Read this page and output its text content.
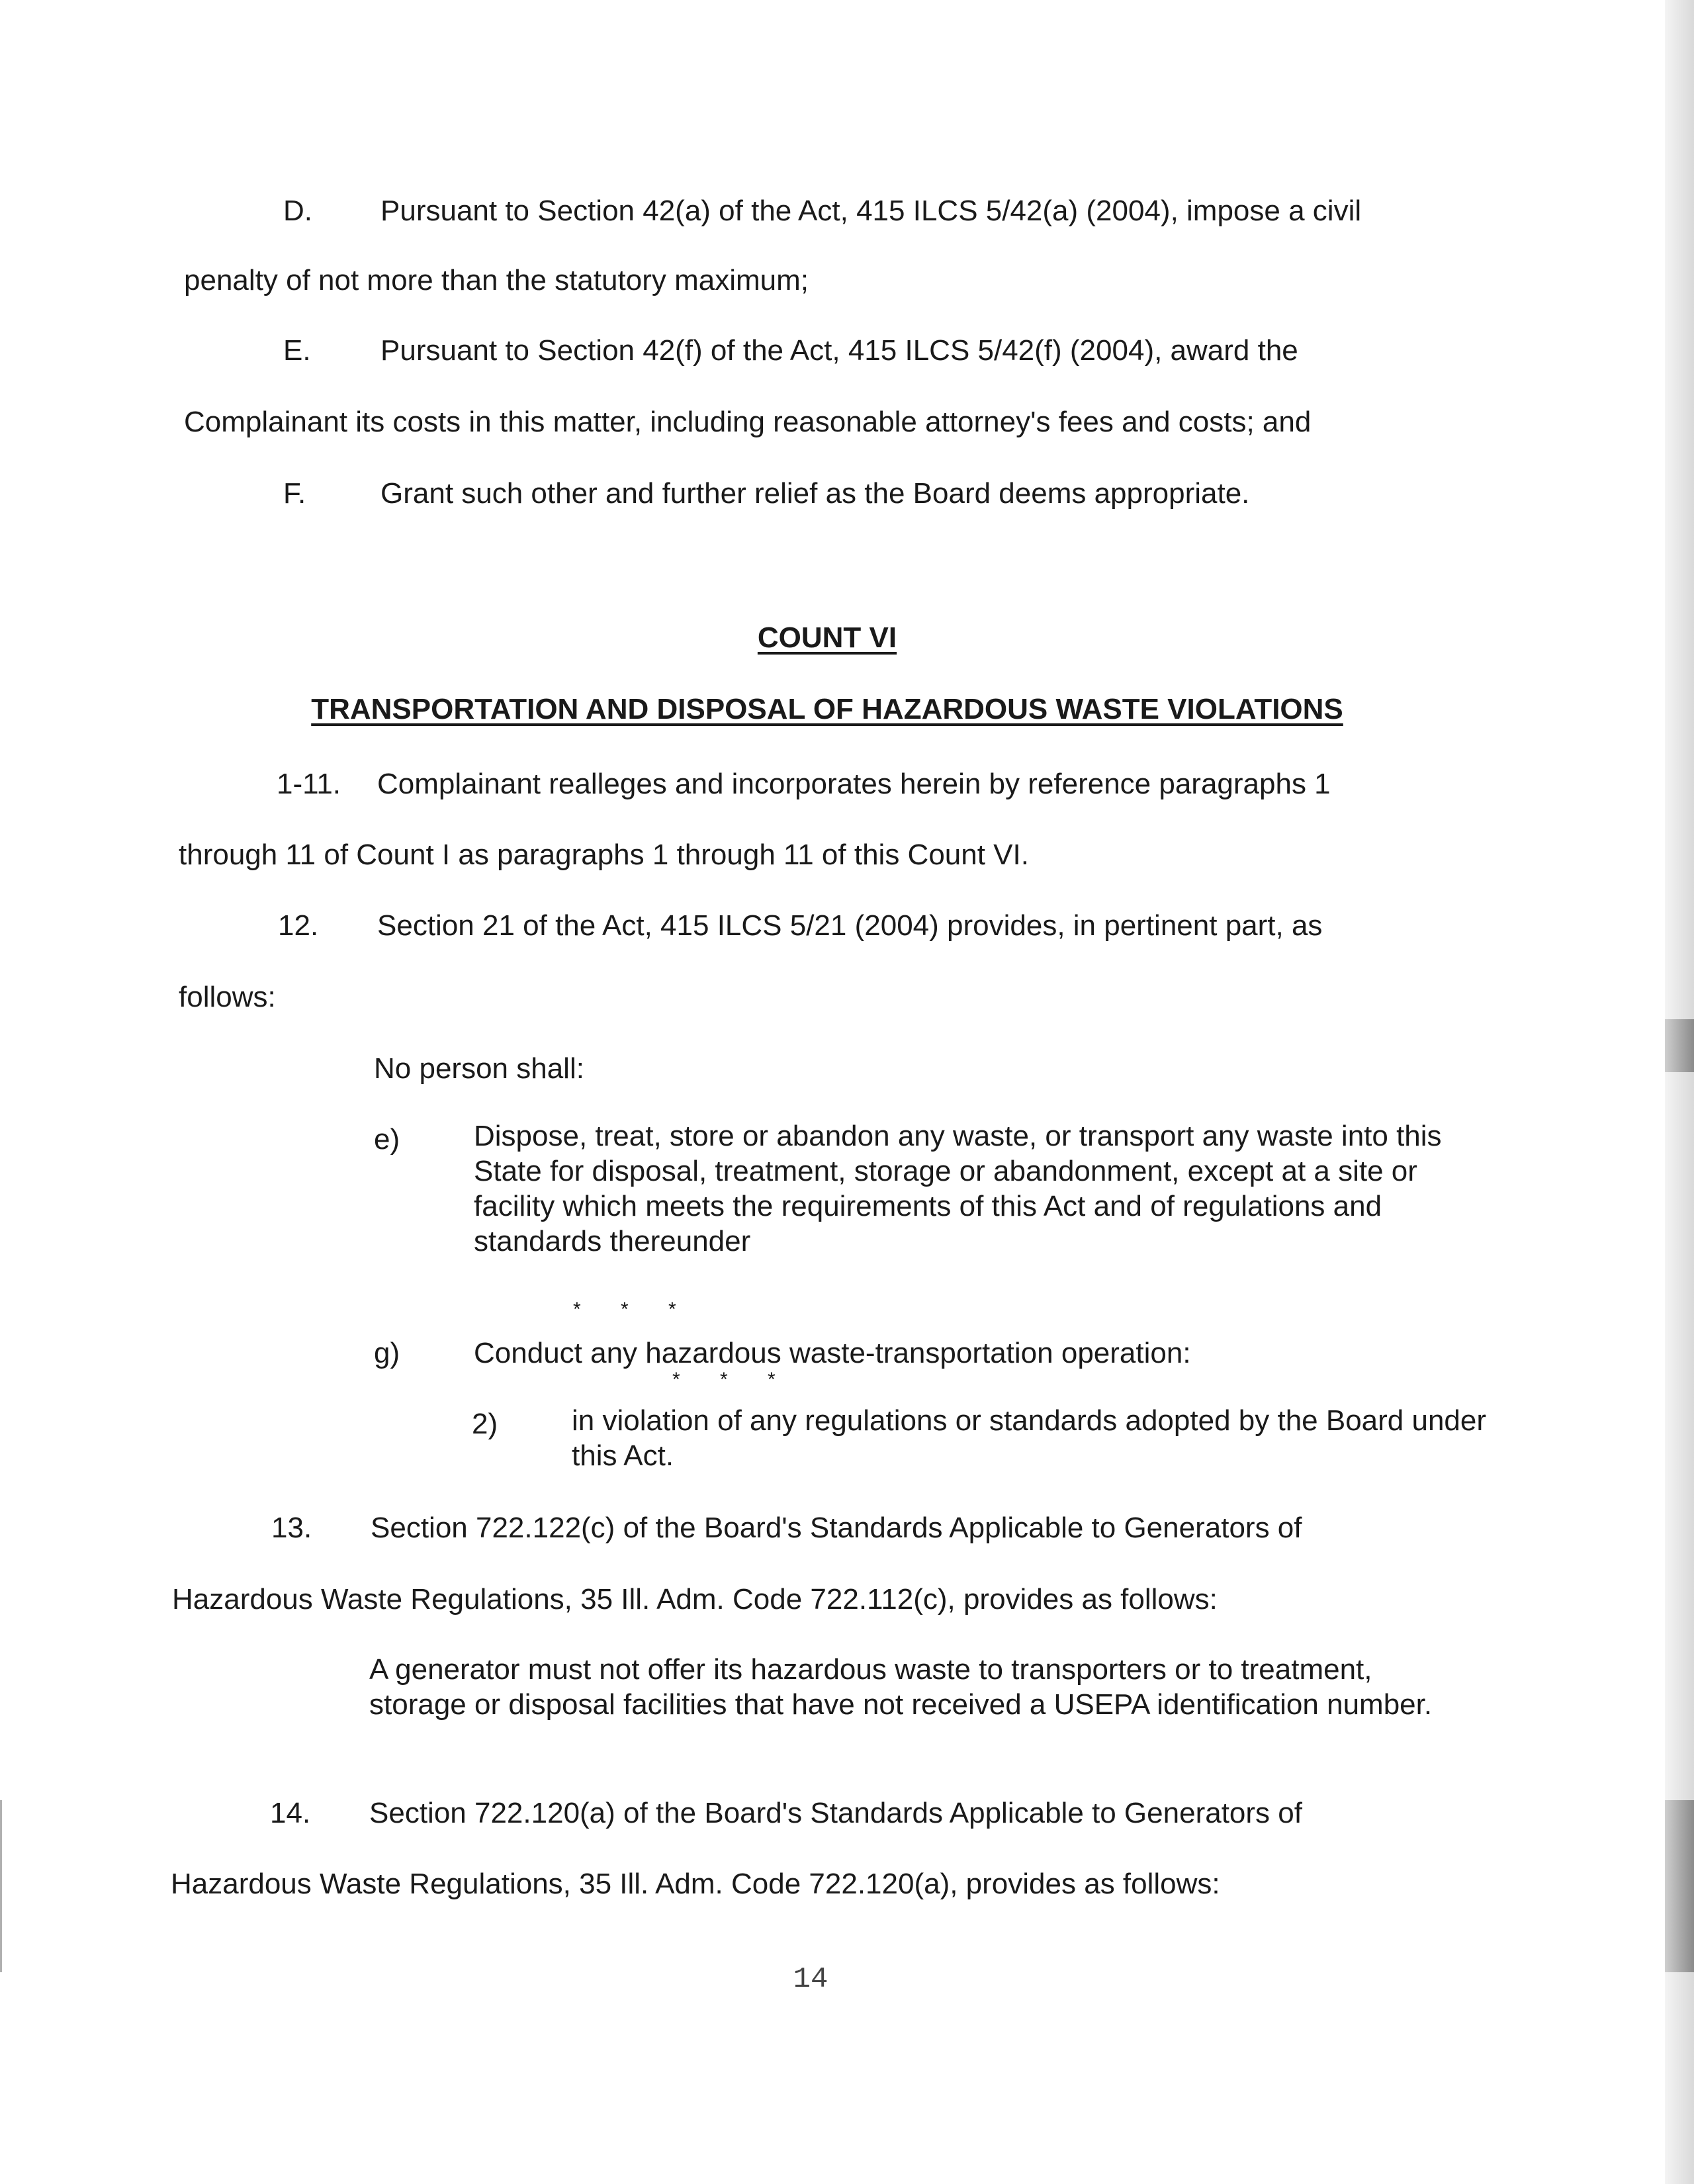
D. Pursuant to Section 42(a) of the Act, 415 ILCS 5/42(a) (2004), impose a civil
penalty of not more than the statutory maximum;
E. Pursuant to Section 42(f) of the Act, 415 ILCS 5/42(f) (2004), award the
Complainant its costs in this matter, including reasonable attorney's fees and costs; and
F.	Grant such other and further relief as the Board deems appropriate.
COUNT VI
TRANSPORTATION AND DISPOSAL OF HAZARDOUS WASTE VIOLATIONS
1-11. Complainant realleges and incorporates herein by reference paragraphs 1
through 11 of Count I as paragraphs 1 through 11 of this Count VI.
12. Section 21 of the Act, 415 ILCS 5/21 (2004) provides, in pertinent part, as
follows:
No person shall:
e)	Dispose, treat, store or abandon any waste, or transport any waste into this State for disposal, treatment, storage or abandonment, except at a site or facility which meets the requirements of this Act and of regulations and standards thereunder
* * *
g)	Conduct any hazardous waste-transportation operation:
* * *
2)	in violation of any regulations or standards adopted by the Board under this Act.
13. Section 722.122(c) of the Board's Standards Applicable to Generators of
Hazardous Waste Regulations, 35 Ill. Adm. Code 722.112(c), provides as follows:
A generator must not offer its hazardous waste to transporters or to treatment, storage or disposal facilities that have not received a USEPA identification number.
14. Section 722.120(a) of the Board's Standards Applicable to Generators of
Hazardous Waste Regulations, 35 Ill. Adm. Code 722.120(a), provides as follows:
14
